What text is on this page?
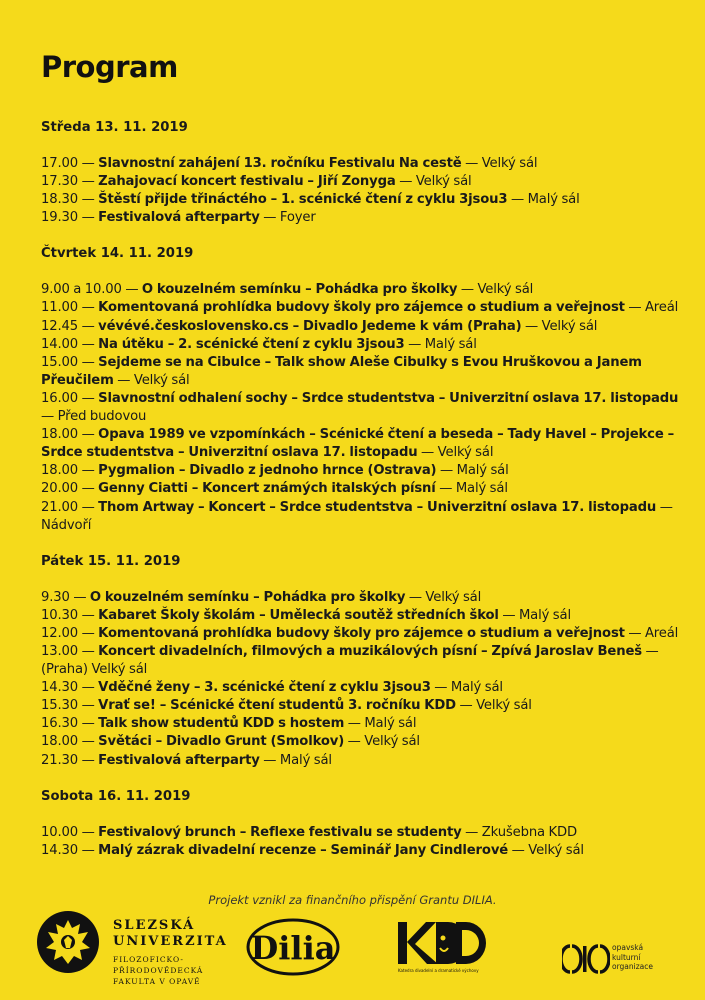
Program
Středa 13. 11. 2019
17.00 — Slavnostní zahájení 13. ročníku Festivalu Na cestě — Velký sál
17.30 — Zahajovací koncert festivalu – Jiří Zonyga — Velký sál
18.30 — Štěstí přijde třináctého – 1. scénické čtení z cyklu 3jsou3 — Malý sál
19.30 — Festivalová afterparty — Foyer
Čtvrtek 14. 11. 2019
9.00 a 10.00 — O kouzelném semínku – Pohádka pro školky — Velký sál
11.00 — Komentovaná prohlídka budovy školy pro zájemce o studium a veřejnost — Areál
12.45 — vévévé.československo.cs – Divadlo Jedeme k vám (Praha) — Velký sál
14.00 — Na útěku – 2. scénické čtení z cyklu 3jsou3 — Malý sál
15.00 — Sejdeme se na Cibulce – Talk show Aleše Cibulky s Evou Hruškovou a Janem Přeučilem — Velký sál
16.00 — Slavnostní odhalení sochy – Srdce studentstva – Univerzitní oslava 17. listopadu — Před budovou
18.00 — Opava 1989 ve vzpomínkách – Scénické čtení a beseda – Tady Havel – Projekce – Srdce studentstva – Univerzitní oslava 17. listopadu — Velký sál
18.00 — Pygmalion – Divadlo z jednoho hrnce (Ostrava) — Malý sál
20.00 — Genny Ciatti – Koncert známých italských písní — Malý sál
21.00 — Thom Artway – Koncert – Srdce studentstva – Univerzitní oslava 17. listopadu — Nádvoří
Pátek 15. 11. 2019
9.30 — O kouzelném semínku – Pohádka pro školky — Velký sál
10.30 — Kabaret Školy školám – Umělecká soutěž středních škol — Malý sál
12.00 — Komentovaná prohlídka budovy školy pro zájemce o studium a veřejnost — Areál
13.00 — Koncert divadelních, filmových a muzikálových písní – Zpívá Jaroslav Beneš — (Praha) Velký sál
14.30 — Vděčné ženy – 3. scénické čtení z cyklu 3jsou3 — Malý sál
15.30 — Vrať se! – Scénické čtení studentů 3. ročníku KDD — Velký sál
16.30 — Talk show studentů KDD s hostem — Malý sál
18.00 — Světáci – Divadlo Grunt (Smolkov) — Velký sál
21.30 — Festivalová afterparty — Malý sál
Sobota 16. 11. 2019
10.00 — Festivalový brunch – Reflexe festivalu se studenty — Zkušebna KDD
14.30 — Malý zázrak divadelní recenze – Seminář Jany Cindlerové — Velký sál
Projekt vznikl za finančního přispění Grantu DILIA.
SLEZSKÁ
UNIVERZITA
FILOZOFICKO-
PŘÍRODOVĚDECKÁ
FAKULTA V OPAVĚ
Dilia
Katedra divadelní a dramatické výchovy
opavská
kulturní
organizace
